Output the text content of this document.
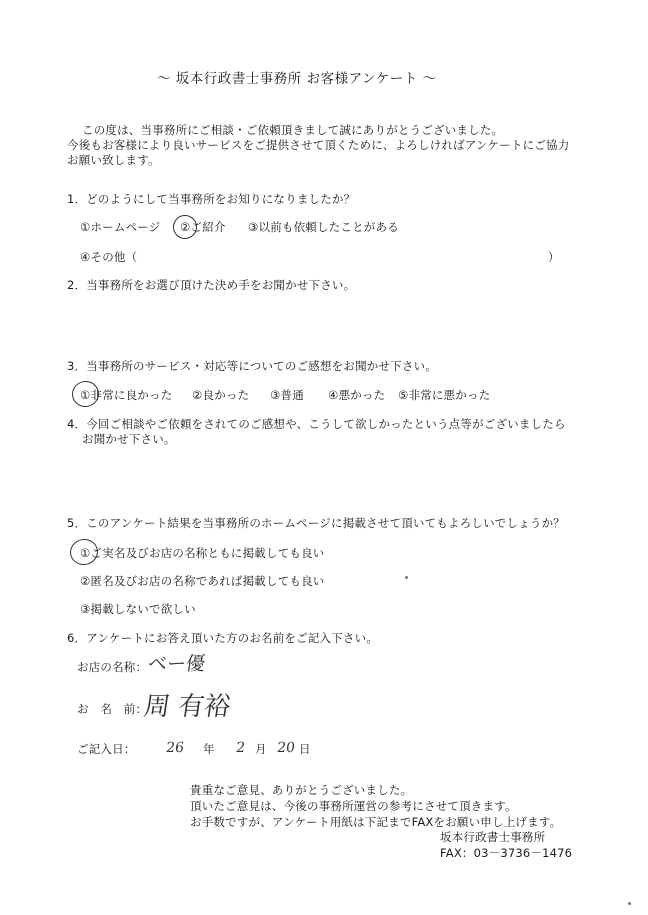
～ 坂本行政書士事務所 お客様アンケート ～
この度は、当事務所にご相談・ご依頼頂きまして誠にありがとうございました。
今後もお客様により良いサービスをご提供させて頂くために、よろしければアンケートにご協力
お願い致します。
1．どのようにして当事務所をお知りになりましたか？
①ホームページ ②ご紹介 ③以前も依頼したことがある
④その他（	）
2．当事務所をお選び頂けた決め手をお聞かせ下さい。
3．当事務所のサービス・対応等についてのご感想をお聞かせ下さい。
①非常に良かった ②良かった ③普通 ④悪かった ⑤非常に悪かった
4．今回ご相談やご依頼をされてのご感想や、こうして欲しかったという点等がございましたら
お聞かせ下さい。
5．このアンケート結果を当事務所のホームページに掲載させて頂いてもよろしいでしょうか？
①ご実名及びお店の名称ともに掲載しても良い
②匿名及びお店の名称であれば掲載しても良い
③掲載しないで欲しい
6．アンケートにお答え頂いた方のお名前をご記入下さい。
お店の名称： ベー優
お　名　前：
周 有裕
ご記入日： 26 年 2 月 20 日
貴重なご意見、ありがとうございました。
頂いたご意見は、今後の事務所運営の参考にさせて頂きます。
お手数ですが、アンケート用紙は下記までFAXをお願い申し上げます。
坂本行政書士事務所
FAX：03－3736－1476
